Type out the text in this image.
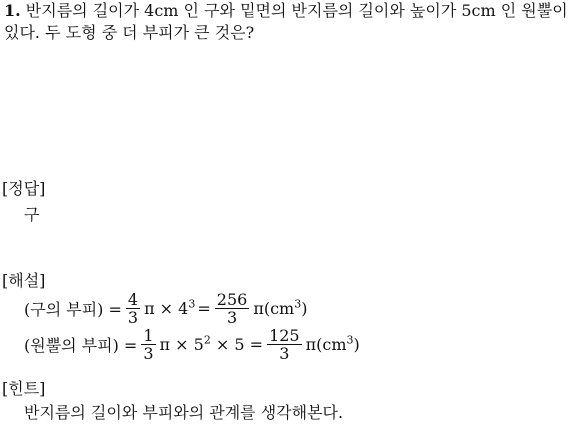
1. 반지름의 길이가 4cm 인 구와 밑면의 반지름의 길이와 높이가 5cm 인 원뿔이
있다. 두 도형 중 더 부피가 큰 것은?
[정답]
구
[해설]
(구의 부피) = $\frac{4}{3}$ $\pi \times 4^3 = \frac{256}{3} \pi(cm^3)$
(원뿔의 부피) = $\frac{1}{3}$ $\pi \times 5^2 \times 5 = \frac{125}{3} \pi(cm^3)$
[힌트]
반지름의 길이와 부피와의 관계를 생각해본다.
